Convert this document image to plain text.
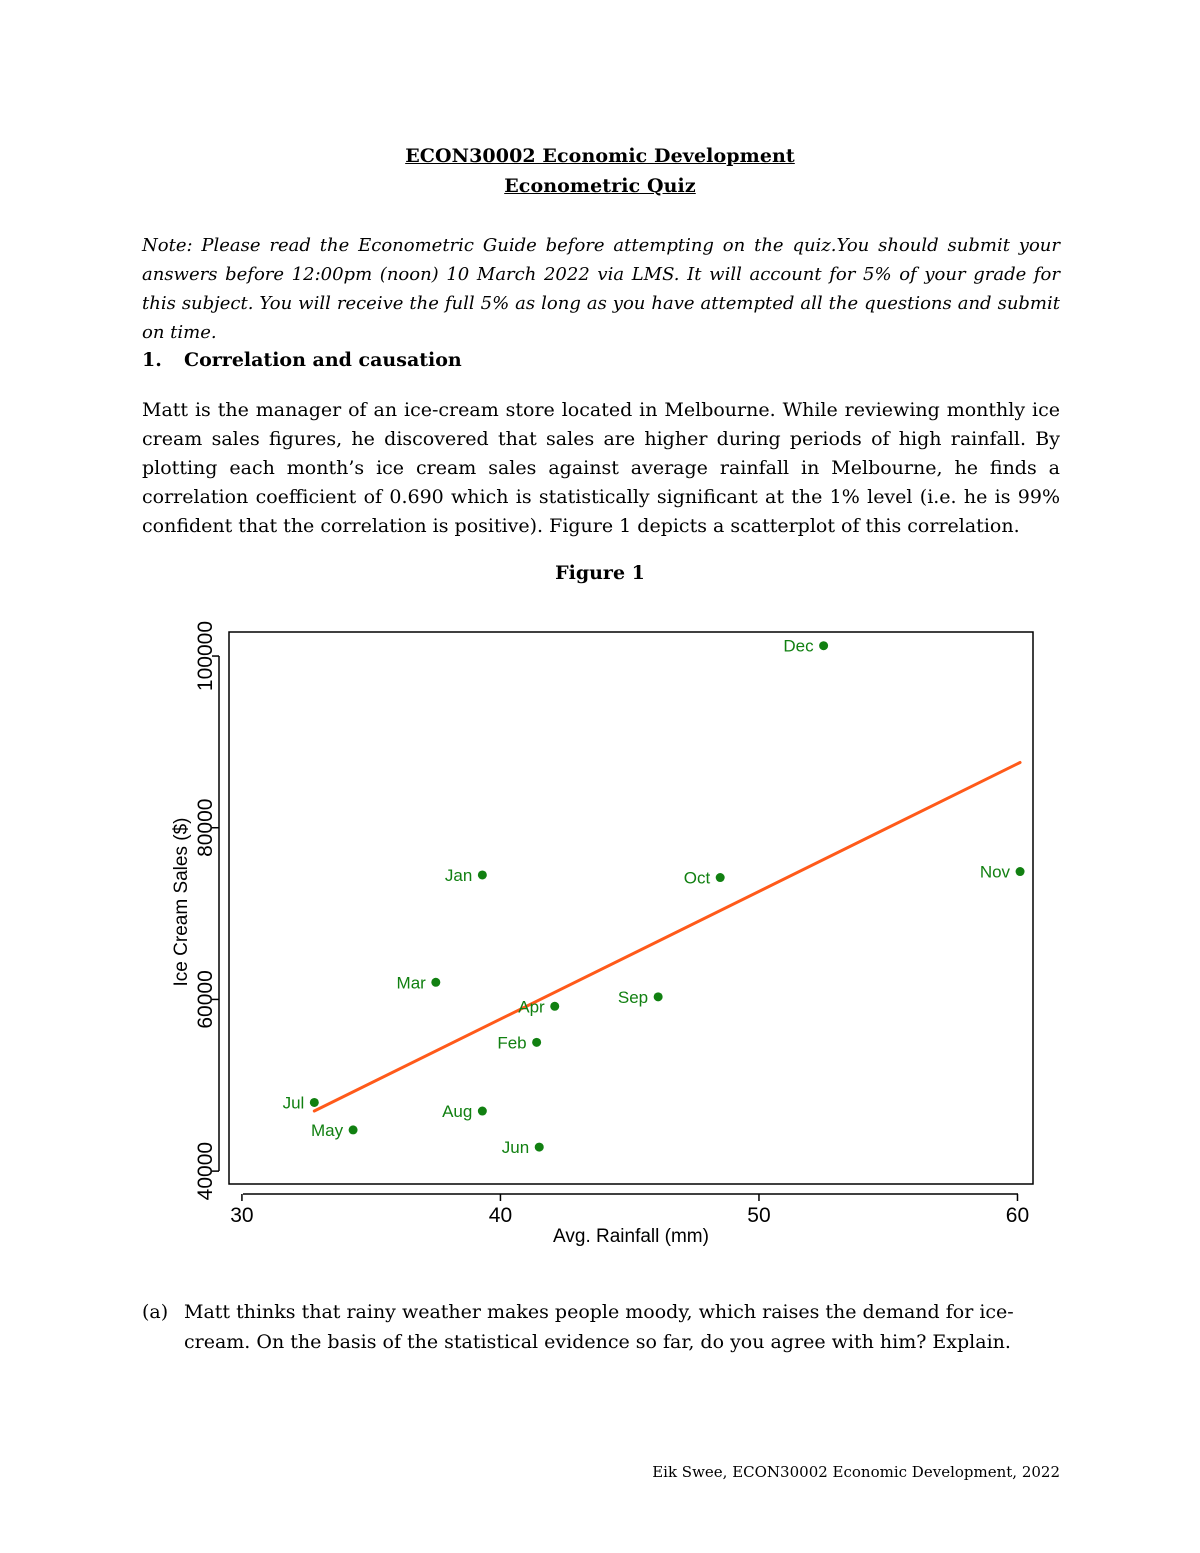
ECON30002 Economic Development
Econometric Quiz
Note: Please read the Econometric Guide before attempting on the quiz.You should submit your answers before 12:00pm (noon) 10 March 2022 via LMS. It will account for 5% of your grade for this subject. You will receive the full 5% as long as you have attempted all the questions and submit on time.
1. Correlation and causation
Matt is the manager of an ice-cream store located in Melbourne. While reviewing monthly ice cream sales figures, he discovered that sales are higher during periods of high rainfall. By plotting each month’s ice cream sales against average rainfall in Melbourne, he finds a correlation coefficient of 0.690 which is statistically significant at the 1% level (i.e. he is 99% confident that the correlation is positive). Figure 1 depicts a scatterplot of this correlation.
Figure 1
30	40	50	60
40000
60000
80000
100000
Avg. Rainfall (mm)
Ice Cream Sales ($)	Jan
Feb
Mar
Apr
May
Jun
Jul	Aug
Sep
Oct	Nov
Dec
(a) Matt thinks that rainy weather makes people moody, which raises the demand for ice-cream. On the basis of the statistical evidence so far, do you agree with him? Explain.
Eik Swee, ECON30002 Economic Development, 2022
